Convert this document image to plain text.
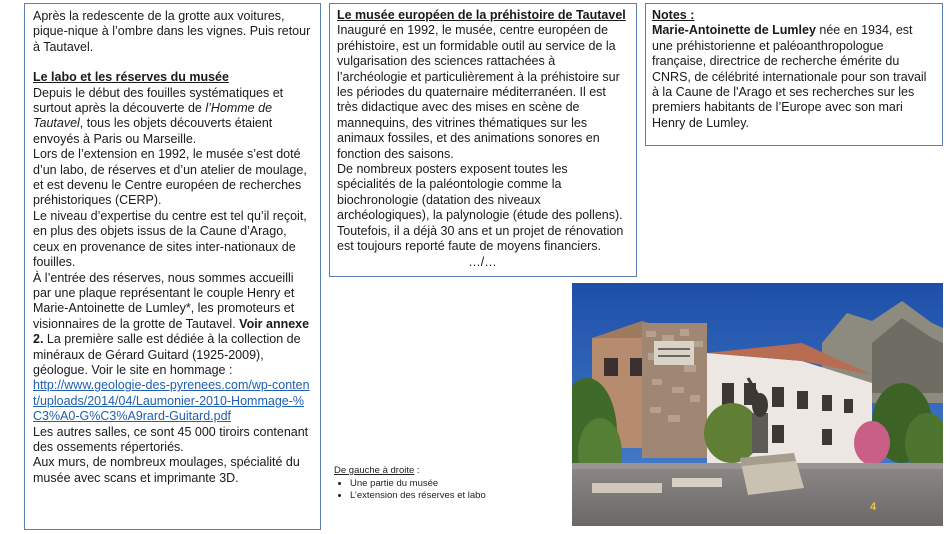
Après la redescente de la grotte aux voitures, pique-nique à l’ombre dans les vignes. Puis retour à Tautavel.

Le labo et les réserves du musée

Depuis le début des fouilles systématiques et surtout après la découverte de l’Homme de Tautavel, tous les objets découverts étaient envoyés à Paris ou Marseille.

Lors de l’extension en 1992, le musée s’est doté d’un labo, de réserves et d’un atelier de moulage, et est devenu le Centre européen de recherches préhistoriques (CERP).

Le niveau d’expertise du centre est tel qu’il reçoit, en plus des objets issus de la Caune d’Arago, ceux en provenance de sites inter-nationaux de fouilles.

À l’entrée des réserves, nous sommes accueilli par une plaque représentant le couple Henry et Marie-Antoinette de Lumley*, les promoteurs et visionnaires de la grotte de Tautavel. Voir annexe 2. La première salle est dédiée à la collection de minéraux de Gérard Guitard (1925-2009), géologue. Voir le site en hommage :

http://www.geologie-des-pyrenees.com/wp-content/uploads/2014/04/Laumonier-2010-Hommage-%C3%A0-G%C3%A9rard-Guitard.pdf

Les autres salles, ce sont 45 000 tiroirs contenant des ossements répertoriés.

Aux murs, de nombreux moulages, spécialité du musée avec scans et imprimante 3D.

Le musée européen de la préhistoire de Tautavel

Inauguré en 1992, le musée, centre européen de préhistoire, est un formidable outil au service de la vulgarisation des sciences rattachées à l’archéologie et particulièrement à la préhistoire sur les périodes du quaternaire méditerranéen. Il est très didactique avec des mises en scène de mannequins, des vitrines thématiques sur les animaux fossiles, et des animations sonores en fonction des saisons.

De nombreux posters exposent toutes les spécialités de la paléontologie comme la biochronologie (datation des niveaux archéologiques), la palynologie (étude des pollens).

Toutefois, il a déjà 30 ans et un projet de rénovation est toujours reporté faute de moyens financiers.

…/…

Notes :

Marie-Antoinette de Lumley née en 1934, est une préhistorienne et paléoanthropologue française, directrice de recherche émérite du CNRS, de célébrité internationale pour son travail à la Caune de l'Arago et ses recherches sur les premiers habitants de l’Europe avec son mari Henry de Lumley.

De gauche à droite :
• Une partie du musée
• L’extension des réserves et labo
4
